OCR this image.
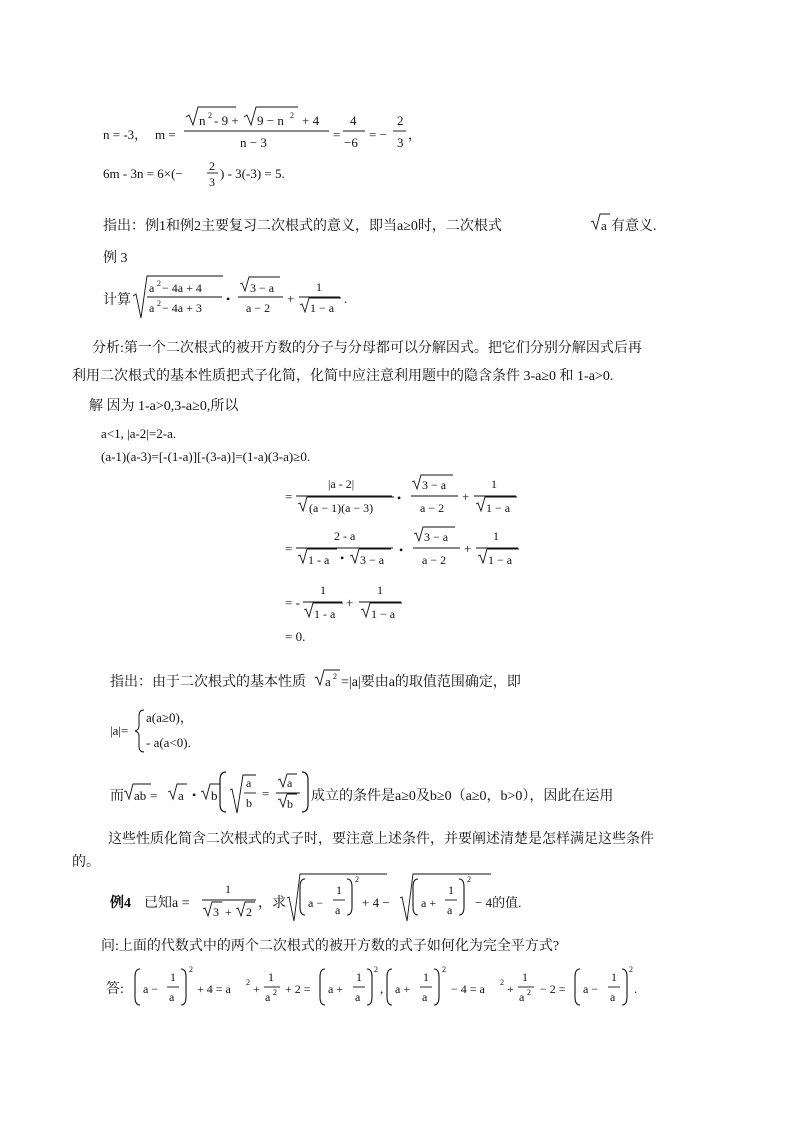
n = -3， m =
n 2 - 9 + 9 − n 2 + 4
n − 3
=
4
−6
= −
2
3
，
6m - 3n = 6×(− 2
3
) - 3(-3) = 5.
指出：例1和例2主要复习二次根式的意义，即当a≥0时，二次根式	a 有意义.
例 3
计算
a 2 − 4a + 4
a 2 − 4a + 3
•
3 − a
a − 2
+
1
1 − a
.
分析:第一个二次根式的被开方数的分子与分母都可以分解因式。把它们分别分解因式后再
利用二次根式的基本性质把式子化简，化简中应注意利用题中的隐含条件 3-a≥0 和 1-a>0.
解 因为 1-a>0,3-a≥0,所以
a<1, |a-2|=2-a.
(a-1)(a-3)=[-(1-a)][-(3-a)]=(1-a)(3-a)≥0.
=
|a - 2|
(a − 1)(a − 3)
•
3 − a
a − 2
+
1
1 − a
=
2 - a
1 - a • 3 − a
•
3 − a
a − 2
+
1
1 − a
= -
1
1 - a
+
1
1 − a
= 0.
指出：由于二次根式的基本性质 a 2 =|a|要由a的取值范围确定，即
|a|=
a(a≥0)，
- a(a<0).
而 ab = a • b
a
b
=
a
b 成立的条件是a≥0及b≥0（a≥0，b>0），因此在运用
这些性质化简含二次根式的式子时，要注意上述条件，并要阐述清楚是怎样满足这些条件
的。
例4 已知a =
1
3 + 2
，求 a −
1
a
2
+ 4 −	a +
1
a
2
− 4的值.
问:上面的代数式中的两个二次根式的被开方数的式子如何化为完全平方式?
答: a −
1
a
2
+ 4 = a 2 +
1
a 2 + 2 = a +
1
a
2
, a +
1
a
2
− 4 = a 2 +
1
a 2 − 2 = a −
1
a
2
.
